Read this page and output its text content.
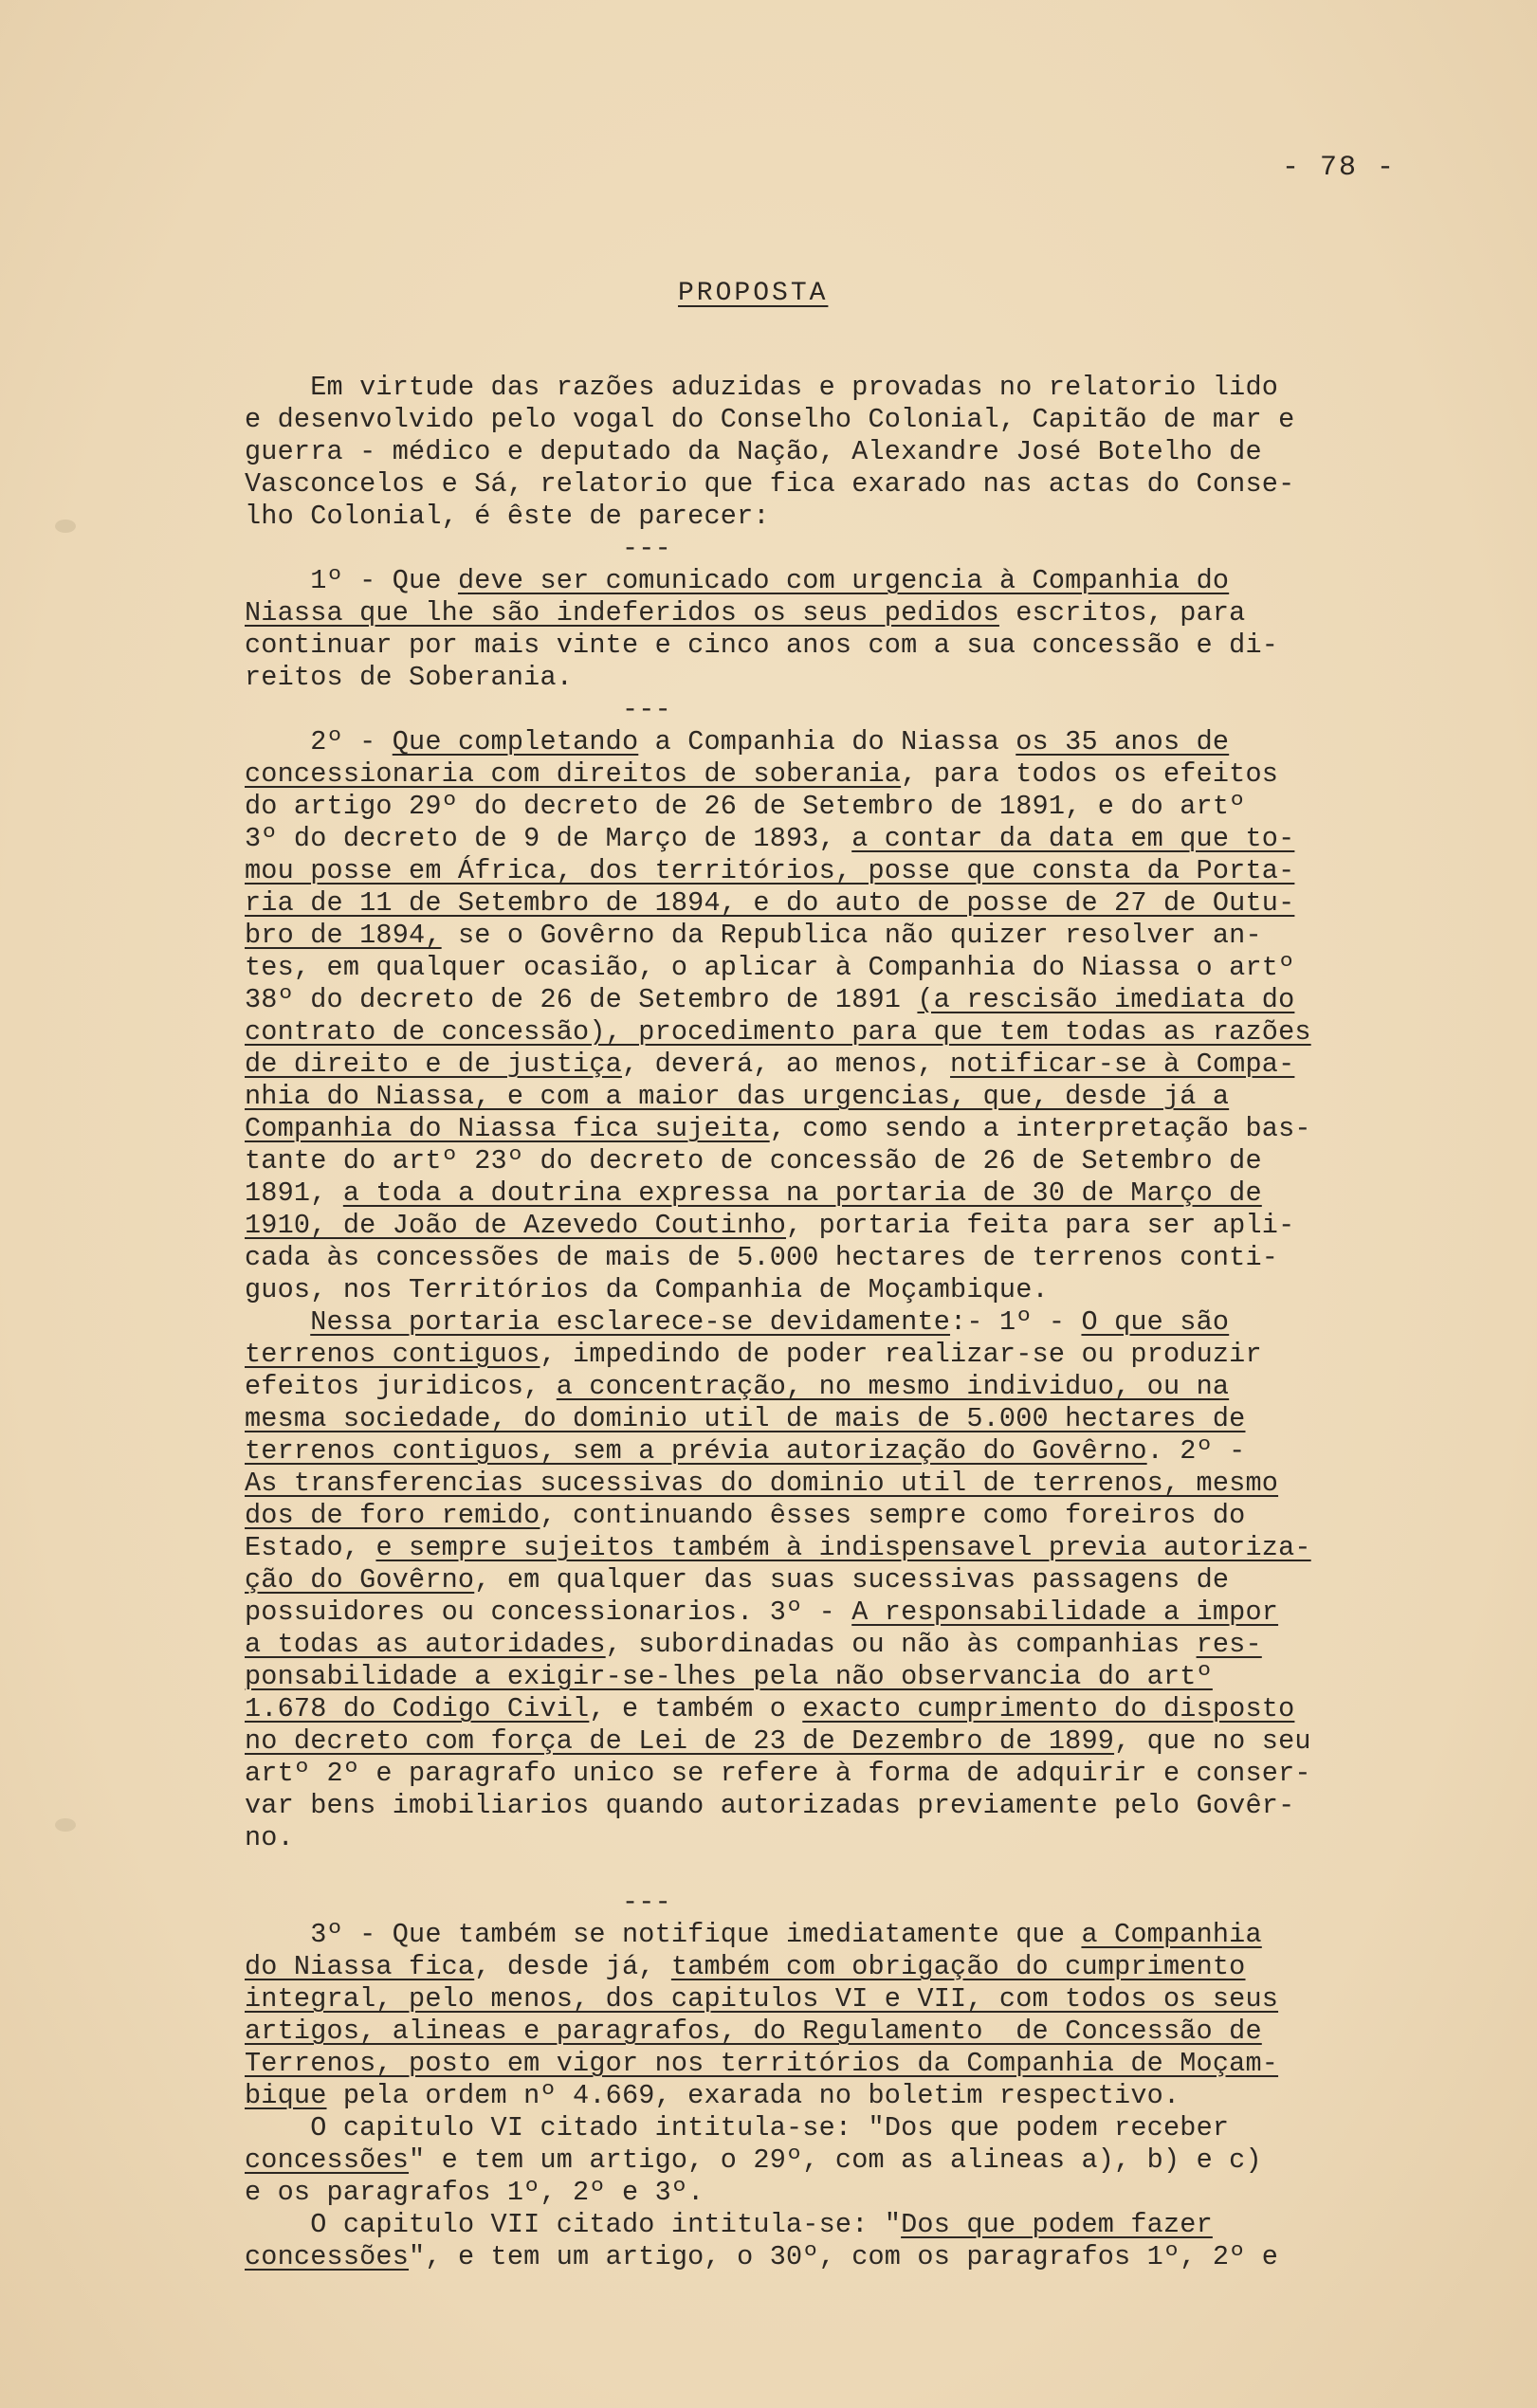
- 78 -
PROPOSTA
Em virtude das razões aduzidas e provadas no relatorio lido
e desenvolvido pelo vogal do Conselho Colonial, Capitão de mar e
guerra - médico e deputado da Nação, Alexandre José Botelho de
Vasconcelos e Sá, relatorio que fica exarado nas actas do Conse-
lho Colonial, é êste de parecer:
---
1º - Que deve ser comunicado com urgencia à Companhia do
Niassa que lhe são indeferidos os seus pedidos escritos, para
continuar por mais vinte e cinco anos com a sua concessão e di-
reitos de Soberania.
---
2º - Que completando a Companhia do Niassa os 35 anos de
concessionaria com direitos de soberania, para todos os efeitos
do artigo 29º do decreto de 26 de Setembro de 1891, e do artº
3º do decreto de 9 de Março de 1893, a contar da data em que to-
mou posse em África, dos territórios, posse que consta da Porta-
ria de 11 de Setembro de 1894, e do auto de posse de 27 de Outu-
bro de 1894, se o Govêrno da Republica não quizer resolver an-
tes, em qualquer ocasião, o aplicar à Companhia do Niassa o artº
38º do decreto de 26 de Setembro de 1891 (a rescisão imediata do
contrato de concessão), procedimento para que tem todas as razões
de direito e de justiça, deverá, ao menos, notificar-se à Compa-
nhia do Niassa, e com a maior das urgencias, que, desde já a
Companhia do Niassa fica sujeita, como sendo a interpretação bas-
tante do artº 23º do decreto de concessão de 26 de Setembro de
1891, a toda a doutrina expressa na portaria de 30 de Março de
1910, de João de Azevedo Coutinho, portaria feita para ser apli-
cada às concessões de mais de 5.000 hectares de terrenos conti-
guos, nos Territórios da Companhia de Moçambique.
Nessa portaria esclarece-se devidamente:- 1º - O que são
terrenos contiguos, impedindo de poder realizar-se ou produzir
efeitos juridicos, a concentração, no mesmo individuo, ou na
mesma sociedade, do dominio util de mais de 5.000 hectares de
terrenos contiguos, sem a prévia autorização do Govêrno. 2º -
As transferencias sucessivas do dominio util de terrenos, mesmo
dos de foro remido, continuando êsses sempre como foreiros do
Estado, e sempre sujeitos também à indispensavel previa autoriza-
ção do Govêrno, em qualquer das suas sucessivas passagens de
possuidores ou concessionarios. 3º - A responsabilidade a impor
a todas as autoridades, subordinadas ou não às companhias res-
ponsabilidade a exigir-se-lhes pela não observancia do artº
1.678 do Codigo Civil, e também o exacto cumprimento do disposto
no decreto com força de Lei de 23 de Dezembro de 1899, que no seu
artº 2º e paragrafo unico se refere à forma de adquirir e conser-
var bens imobiliarios quando autorizadas previamente pelo Govêr-
no.
---
3º - Que também se notifique imediatamente que a Companhia
do Niassa fica, desde já, também com obrigação do cumprimento
integral, pelo menos, dos capitulos VI e VII, com todos os seus
artigos, alineas e paragrafos, do Regulamento  de Concessão de
Terrenos, posto em vigor nos territórios da Companhia de Moçam-
bique pela ordem nº 4.669, exarada no boletim respectivo.
O capitulo VI citado intitula-se: "Dos que podem receber
concessões" e tem um artigo, o 29º, com as alineas a), b) e c)
e os paragrafos 1º, 2º e 3º.
O capitulo VII citado intitula-se: "Dos que podem fazer
concessões", e tem um artigo, o 30º, com os paragrafos 1º, 2º e
